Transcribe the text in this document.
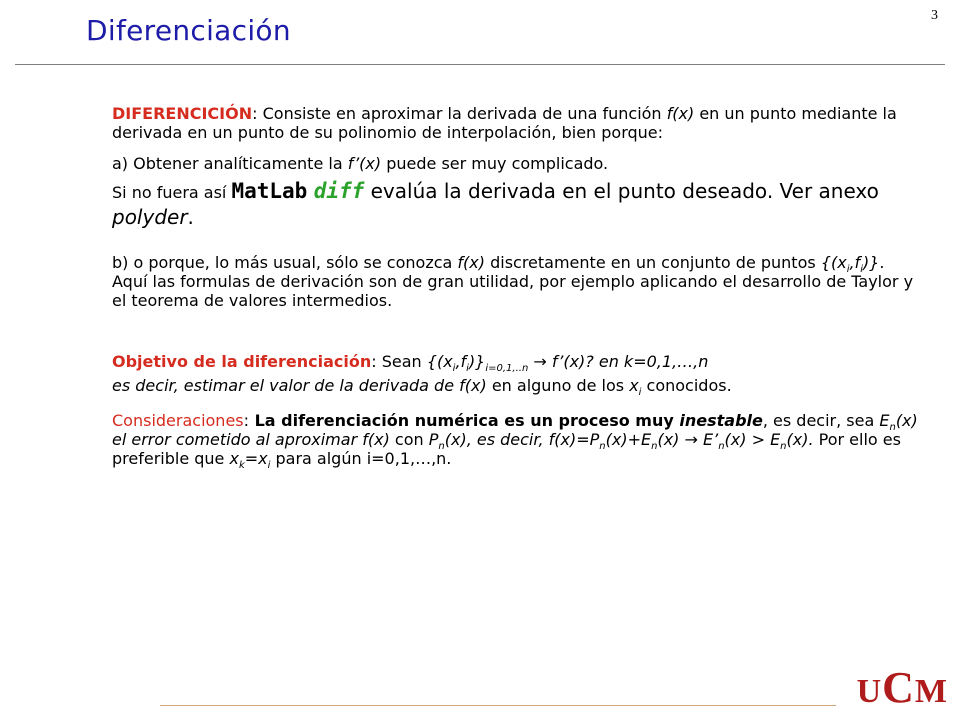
Diferenciación	3

DIFERENCICIÓN: Consiste en aproximar la derivada de una función f(x) en un punto mediante la derivada en un punto de su polinomio de interpolación, bien porque:

a) Obtener analíticamente la f’(x) puede ser muy complicado.

Si no fuera así MatLab diff evalúa la derivada en el punto deseado. Ver anexo polyder.

b) o porque, lo más usual, sólo se conozca f(x) discretamente en un conjunto de puntos $\{(x_i,f_i)\}$. Aquí las formulas de derivación son de gran utilidad, por ejemplo aplicando el desarrollo de Taylor y el teorema de valores intermedios.

Objetivo de la diferenciación: Sean $\{(x_i,f_i)\}_{i=0,1,..n}$ → f’(x)? en k=0,1,…,n

es decir, estimar el valor de la derivada de f(x) en alguno de los $x_i$ conocidos.

Consideraciones: La diferenciación numérica es un proceso muy inestable, es decir, sea $E_n(x)$ el error cometido al aproximar f(x) con $P_n(x)$, es decir, $f(x)=P_n(x)+E_n(x)$ → $E’_n(x) > E_n(x)$. Por ello es preferible que $x_k=x_i$ para algún i=0,1,…,n.

UCM
